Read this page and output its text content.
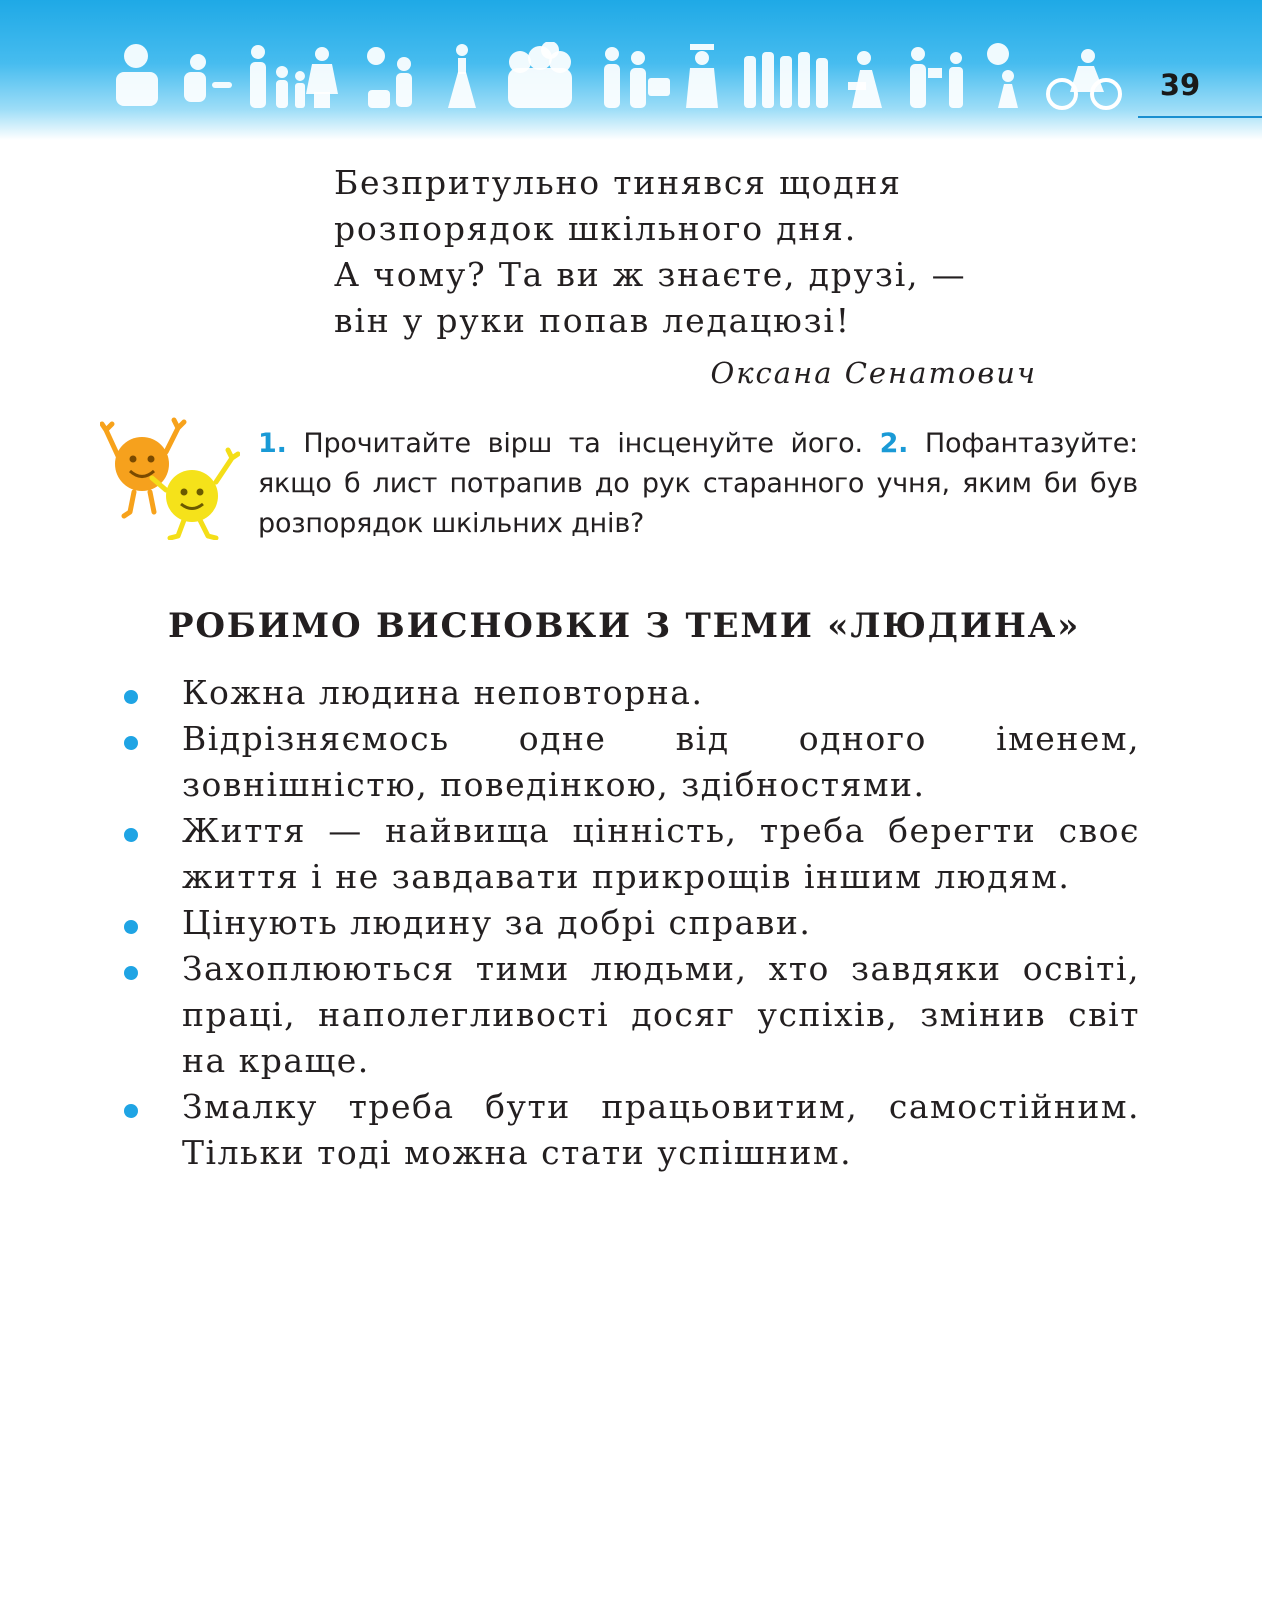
39
Безпритульно тинявся щодня
розпорядок шкільного дня.
А чому? Та ви ж знаєте, друзі, —
він у руки попав ледацюзі!
Оксана Сенатович

1. Прочитайте вірш та інсценуйте його. 2. Пофантазуйте: якщо б лист потрапив до рук старанного учня, яким би був розпорядок шкільних днів?

РОБИМО ВИСНОВКИ З ТЕМИ «ЛЮДИНА»
Кожна людина неповторна.
Відрізняємось одне від одного іменем, зовнішністю, поведінкою, здібностями.
Життя — найвища цінність, треба берегти своє життя і не завдавати прикрощів іншим людям.
Цінують людину за добрі справи.
Захоплюються тими людьми, хто завдяки освіті, праці, наполегливості досяг успіхів, змінив світ на краще.
Змалку треба бути працьовитим, самостійним. Тільки тоді можна стати успішним.
